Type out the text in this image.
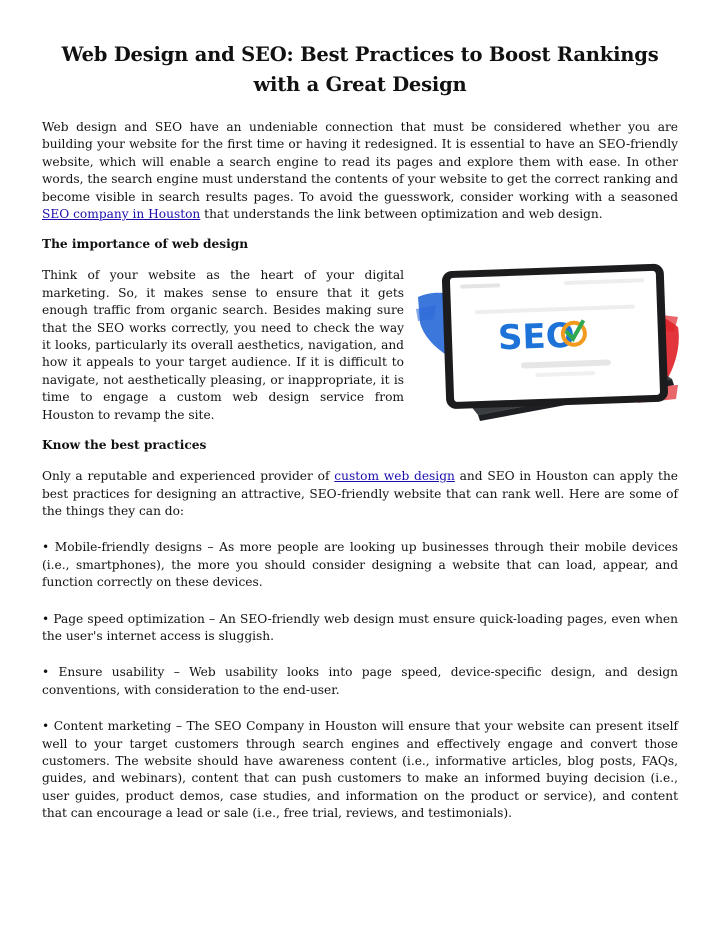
Web Design and SEO: Best Practices to Boost Rankings with a Great Design

Web design and SEO have an undeniable connection that must be considered whether you are building your website for the first time or having it redesigned. It is essential to have an SEO-friendly website, which will enable a search engine to read its pages and explore them with ease. In other words, the search engine must understand the contents of your website to get the correct ranking and become visible in search results pages. To avoid the guesswork, consider working with a seasoned SEO company in Houston that understands the link between optimization and web design.

The importance of web design
SEO

Think of your website as the heart of your digital marketing. So, it makes sense to ensure that it gets enough traffic from organic search. Besides making sure that the SEO works correctly, you need to check the way it looks, particularly its overall aesthetics, navigation, and how it appeals to your target audience. If it is difficult to navigate, not aesthetically pleasing, or inappropriate, it is time to engage a custom web design service from Houston to revamp the site.

Know the best practices

Only a reputable and experienced provider of custom web design and SEO in Houston can apply the best practices for designing an attractive, SEO-friendly website that can rank well. Here are some of the things they can do:

• Mobile-friendly designs – As more people are looking up businesses through their mobile devices (i.e., smartphones), the more you should consider designing a website that can load, appear, and function correctly on these devices.

• Page speed optimization – An SEO-friendly web design must ensure quick-loading pages, even when the user's internet access is sluggish.

• Ensure usability – Web usability looks into page speed, device-specific design, and design conventions, with consideration to the end-user.

• Content marketing – The SEO Company in Houston will ensure that your website can present itself well to your target customers through search engines and effectively engage and convert those customers. The website should have awareness content (i.e., informative articles, blog posts, FAQs, guides, and webinars), content that can push customers to make an informed buying decision (i.e., user guides, product demos, case studies, and information on the product or service), and content that can encourage a lead or sale (i.e., free trial, reviews, and testimonials).
